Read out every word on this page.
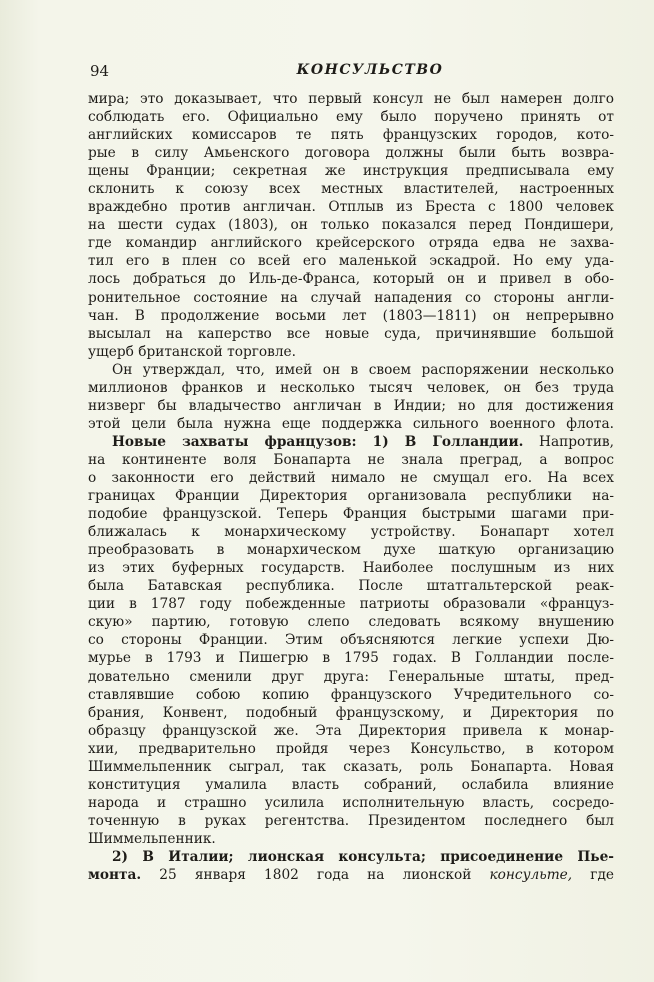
94	КОНСУЛЬСТВО
мира; это доказывает, что первый консул не был намерен долго
соблюдать его. Официально ему было поручено принять от
английских комиссаров те пять французских городов, кото-
рые в силу Амьенского договора должны были быть возвра-
щены Франции; секретная же инструкция предписывала ему
склонить к союзу всех местных властителей, настроенных
враждебно против англичан. Отплыв из Бреста с 1800 человек
на шести судах (1803), он только показался перед Пондишери,
где командир английского крейсерского отряда едва не захва-
тил его в плен со всей его маленькой эскадрой. Но ему уда-
лось добраться до Иль-де-Франса, который он и привел в обо-
ронительное состояние на случай нападения со стороны англи-
чан. В продолжение восьми лет (1803—1811) он непрерывно
высылал на каперство все новые суда, причинявшие большой
ущерб британской торговле.
Он утверждал, что, имей он в своем распоряжении несколько
миллионов франков и несколько тысяч человек, он без труда
низверг бы владычество англичан в Индии; но для достижения
этой цели была нужна еще поддержка сильного военного флота.
Новые захваты французов: 1) В Голландии. Напротив,
на континенте воля Бонапарта не знала преград, а вопрос
о законности его действий нимало не смущал его. На всех
границах Франции Директория организовала республики на-
подобие французской. Теперь Франция быстрыми шагами при-
ближалась к монархическому устройству. Бонапарт хотел
преобразовать в монархическом духе шаткую организацию
из этих буферных государств. Наиболее послушным из них
была Батавская республика. После штатгальтерской реак-
ции в 1787 году побежденные патриоты образовали «француз-
скую» партию, готовую слепо следовать всякому внушению
со стороны Франции. Этим объясняются легкие успехи Дю-
мурье в 1793 и Пишегрю в 1795 годах. В Голландии после-
довательно сменили друг друга: Генеральные штаты, пред-
ставлявшие собою копию французского Учредительного со-
брания, Конвент, подобный французскому, и Директория по
образцу французской же. Эта Директория привела к монар-
хии, предварительно пройдя через Консульство, в котором
Шиммельпенник сыграл, так сказать, роль Бонапарта. Новая
конституция умалила власть собраний, ослабила влияние
народа и страшно усилила исполнительную власть, сосредо-
точенную в руках регентства. Президентом последнего был
Шиммельпенник.
2) В Италии; лионская консульта; присоединение Пье-
монта. 25 января 1802 года на лионской консульте, где
